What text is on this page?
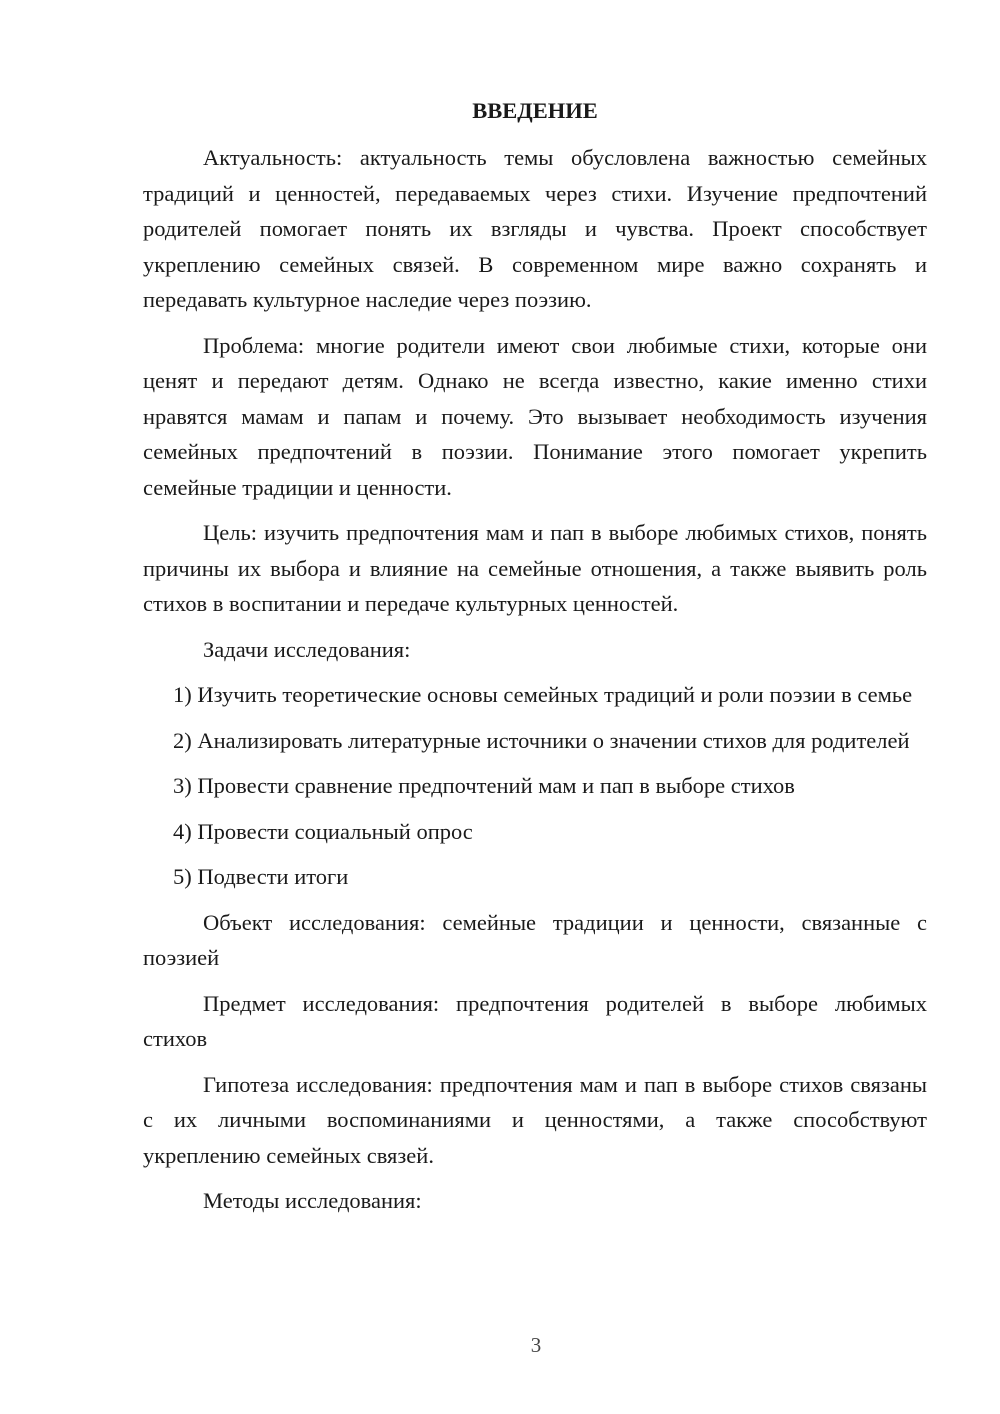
ВВЕДЕНИЕ

Актуальность: актуальность темы обусловлена важностью семейных традиций и ценностей, передаваемых через стихи. Изучение предпочтений родителей помогает понять их взгляды и чувства. Проект способствует укреплению семейных связей. В современном мире важно сохранять и передавать культурное наследие через поэзию.

Проблема: многие родители имеют свои любимые стихи, которые они ценят и передают детям. Однако не всегда известно, какие именно стихи нравятся мамам и папам и почему. Это вызывает необходимость изучения семейных предпочтений в поэзии. Понимание этого помогает укрепить семейные традиции и ценности.

Цель: изучить предпочтения мам и пап в выборе любимых стихов, понять причины их выбора и влияние на семейные отношения, а также выявить роль стихов в воспитании и передаче культурных ценностей.

Задачи исследования:

1) Изучить теоретические основы семейных традиций и роли поэзии в семье

2) Анализировать литературные источники о значении стихов для родителей

3) Провести сравнение предпочтений мам и пап в выборе стихов

4) Провести социальный опрос

5) Подвести итоги

Объект исследования: семейные традиции и ценности, связанные с поэзией

Предмет исследования: предпочтения родителей в выборе любимых стихов

Гипотеза исследования: предпочтения мам и пап в выборе стихов связаны с их личными воспоминаниями и ценностями, а также способствуют укреплению семейных связей.

Методы исследования:

3
